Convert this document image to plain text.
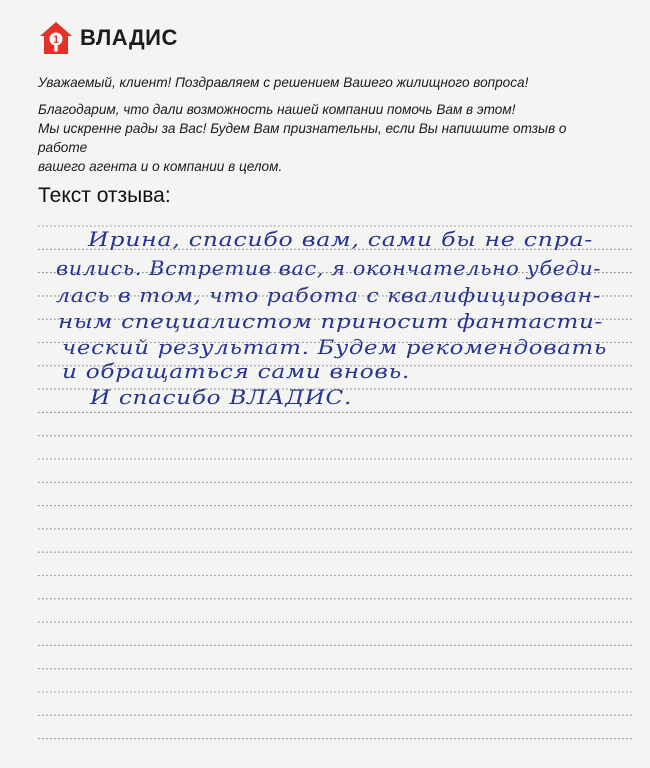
1 ВЛАДИС

Уважаемый, клиент! Поздравляем с решением Вашего жилищного вопроса!

Благодарим, что дали возможность нашей компании помочь Вам в этом!

Мы искренне рады за Вас! Будем Вам признательны, если Вы напишите отзыв о работе

вашего агента и о компании в целом.

Текст отзыва:
Ирина, спасибо вам, сами бы не спра-
вились. Встретив вас, я окончательно убеди-
лась в том, что работа с квалифицирован-
ным специалистом приносит фантасти-
ческий результат. Будем рекомендовать
и обращаться сами вновь.
И спасибо ВЛАДИС.
